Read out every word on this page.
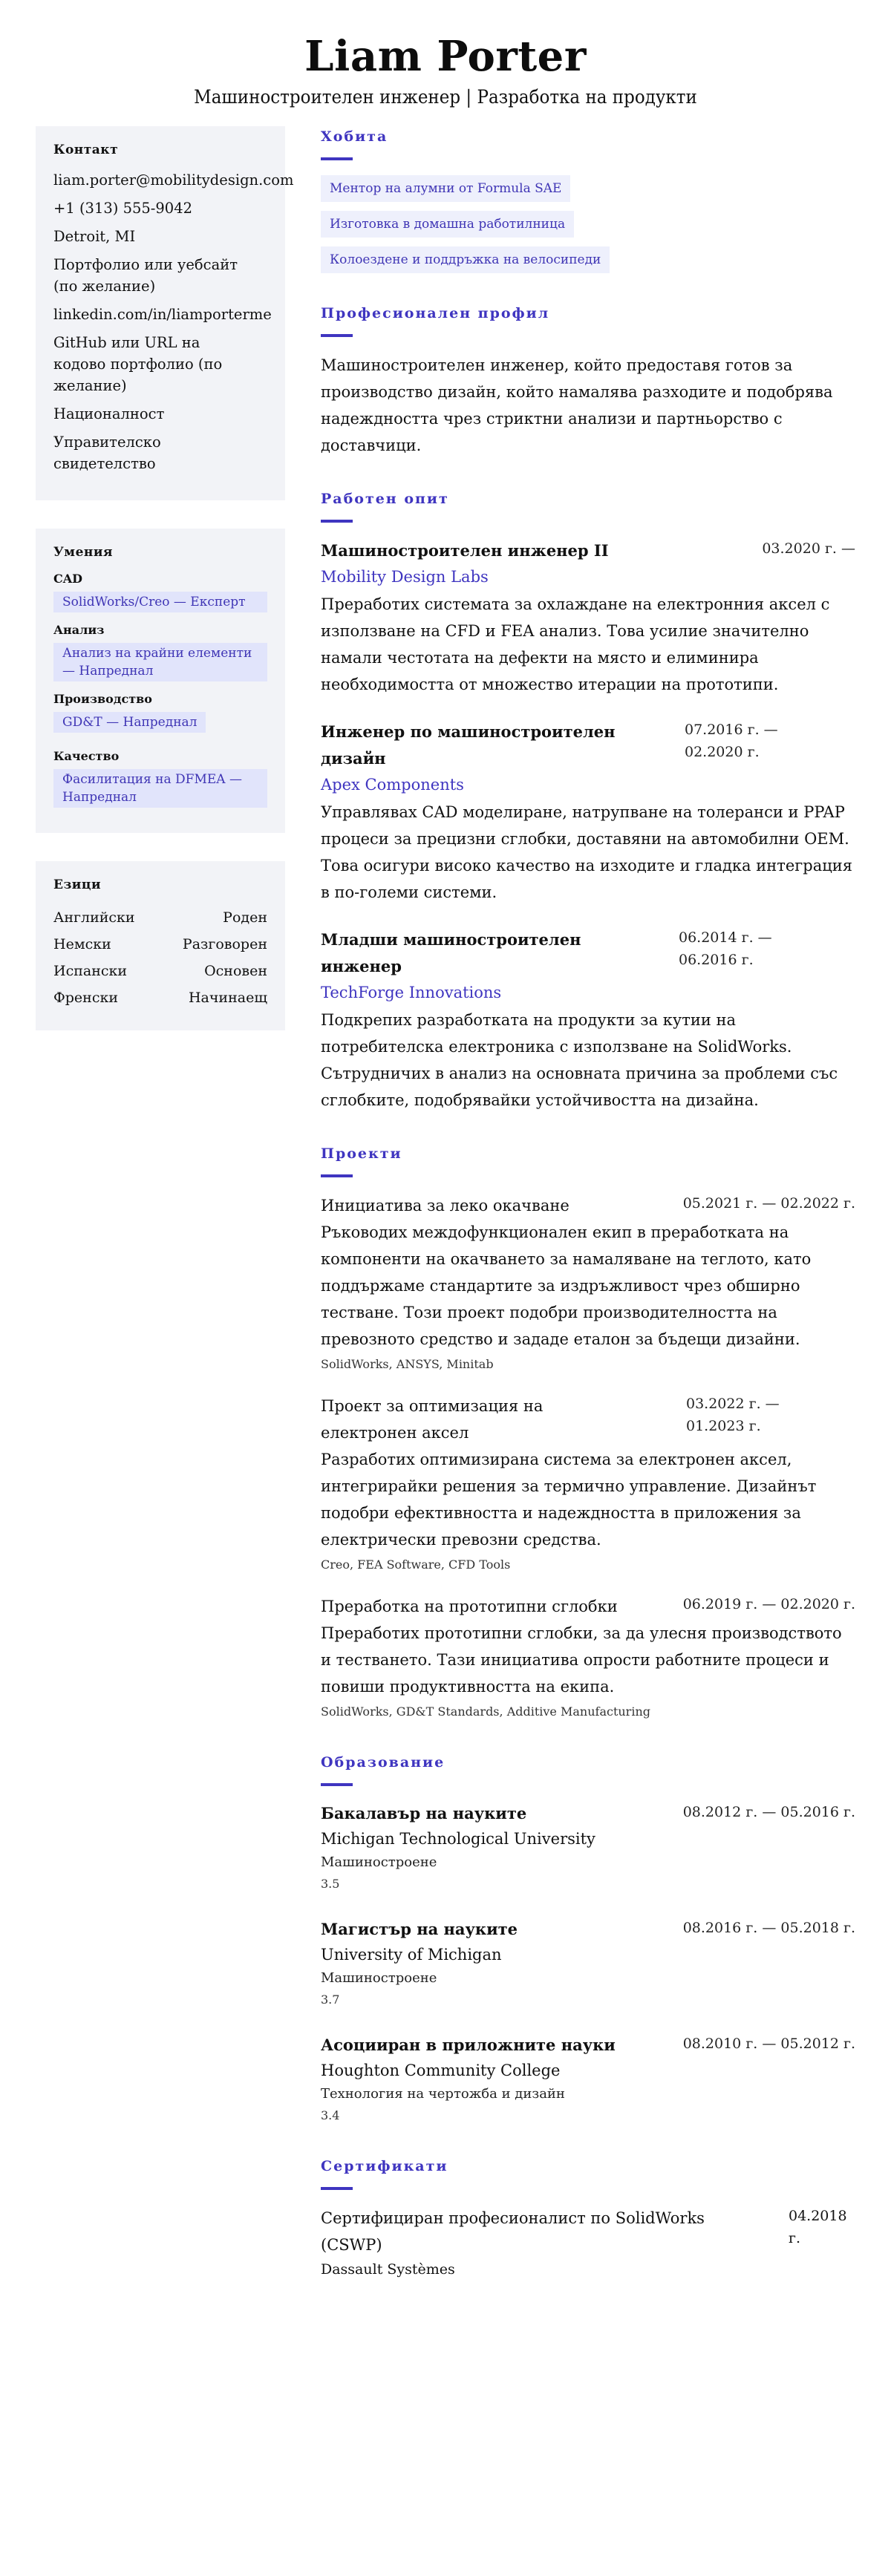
Liam Porter
Машиностроителен инженер | Разработка на продукти
Контакт
liam.porter@mobilitydesign.com
+1 (313) 555-9042
Detroit, MI
Портфолио или уебсайт (по желание)
linkedin.com/in/liamporterme
GitHub или URL на кодово портфолио (по желание)
Националност
Управителско свидетелство
Умения
CAD
SolidWorks/Creo — Експерт
Анализ
Анализ на крайни елементи — Напреднал
Производство
GD&T — Напреднал
Качество
Фасилитация на DFMEA — Напреднал
Езици
Английски	Роден
Немски	Разговорен
Испански	Основен
Френски	Начинаещ
Хобита
Ментор на алумни от Formula SAE
Изготовка в домашна работилница
Колоездене и поддръжка на велосипеди
Професионален профил

Машиностроителен инженер, който предоставя готов за производство дизайн, който намалява разходите и подобрява надеждността чрез стриктни анализи и партньорство с доставчици.

Работен опит
Машиностроителен инженер II	03.2020 г. —
Mobility Design Labs

Преработих системата за охлаждане на електронния аксел с използване на CFD и FEA анализ. Това усилие значително намали честотата на дефекти на място и елиминира необходимостта от множество итерации на прототипи.

Инженер по машиностроителен дизайн
07.2016 г. — 02.2020 г.
Apex Components

Управлявах CAD моделиране, натрупване на толеранси и PPAP процеси за прецизни сглобки, доставяни на автомобилни OEM. Това осигури високо качество на изходите и гладка интеграция в по-големи системи.

Младши машиностроителен инженер
06.2014 г. — 06.2016 г.
TechForge Innovations

Подкрепих разработката на продукти за кутии на потребителска електроника с използване на SolidWorks. Сътрудничих в анализ на основната причина за проблеми със сглобките, подобрявайки устойчивостта на дизайна.

Проекти
Инициатива за леко окачване	05.2021 г. — 02.2022 г.

Ръководих междофункционален екип в преработката на компоненти на окачването за намаляване на теглото, като поддържаме стандартите за издръжливост чрез обширно тестване. Този проект подобри производителността на превозното средство и зададе еталон за бъдещи дизайни.

SolidWorks, ANSYS, Minitab
Проект за оптимизация на електронен аксел
03.2022 г. — 01.2023 г.

Разработих оптимизирана система за електронен аксел, интегрирайки решения за термично управление. Дизайнът подобри ефективността и надеждността в приложения за електрически превозни средства.

Creo, FEA Software, CFD Tools
Преработка на прототипни сглобки	06.2019 г. — 02.2020 г.

Преработих прототипни сглобки, за да улесня производството и тестването. Тази инициатива опрости работните процеси и повиши продуктивността на екипа.

SolidWorks, GD&T Standards, Additive Manufacturing
Образование
Бакалавър на науките	08.2012 г. — 05.2016 г.
Michigan Technological University
Машиностроене
3.5
Магистър на науките	08.2016 г. — 05.2018 г.
University of Michigan
Машиностроене
3.7
Асоцииран в приложните науки	08.2010 г. — 05.2012 г.
Houghton Community College
Технология на чертожба и дизайн
3.4
Сертификати
Сертифициран професионалист по SolidWorks (CSWP)
04.2018 г.
Dassault Systèmes
